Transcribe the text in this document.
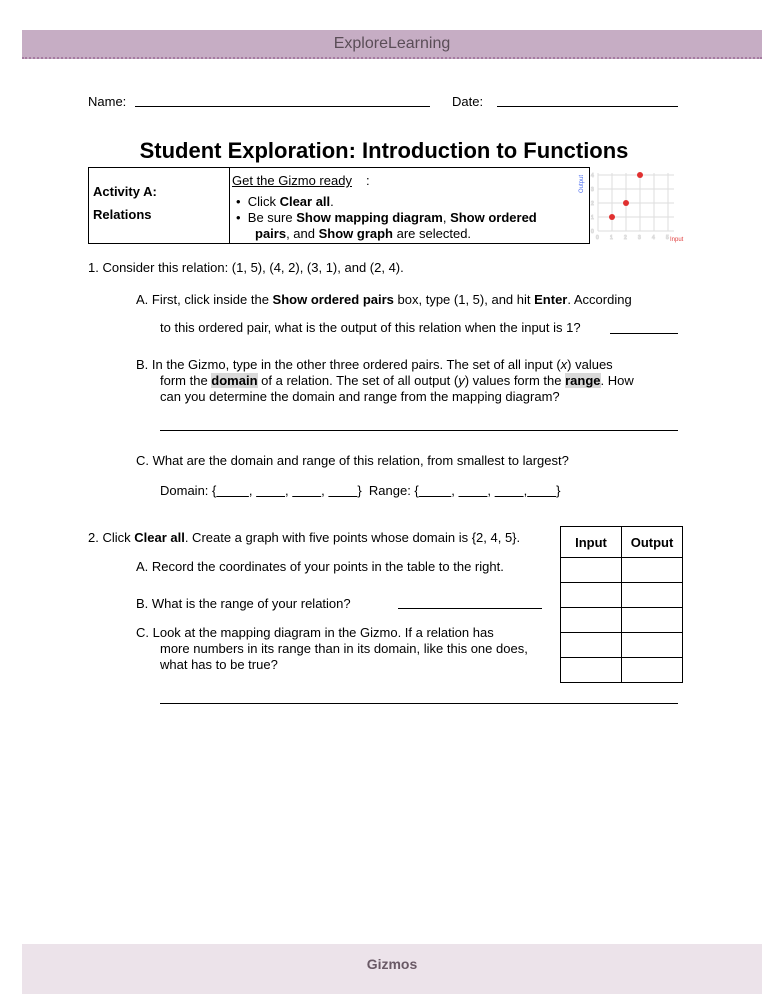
ExploreLearning
Name:	Date:
Student Exploration: Introduction to Functions
Activity A:
Relations
Get the Gizmo ready :
•  Click Clear all.
•  Be sure Show mapping diagram, Show ordered
pairs, and Show graph are selected.	0 1 2 3 4 5
0
1
2
3
4
Output
Input
1. Consider this relation: (1, 5), (4, 2), (3, 1), and (2, 4).
A. First, click inside the Show ordered pairs box, type (1, 5), and hit Enter. According
to this ordered pair, what is the output of this relation when the input is 1?
B. In the Gizmo, type in the other three ordered pairs. The set of all input (x) values
form the domain of a relation. The set of all output (y) values form the range. How
can you determine the domain and range from the mapping diagram?
C. What are the domain and range of this relation, from smallest to largest?
Domain: {	,         ,         ,         }  Range: {	,         ,         , }
2. Click Clear all. Create a graph with five points whose domain is {2, 4, 5}.	Input	Output

A. Record the coordinates of your points in the table to the right.
B. What is the range of your relation?
C. Look at the mapping diagram in the Gizmo. If a relation has
more numbers in its range than in its domain, like this one does,
what has to be true?
Gizmos
